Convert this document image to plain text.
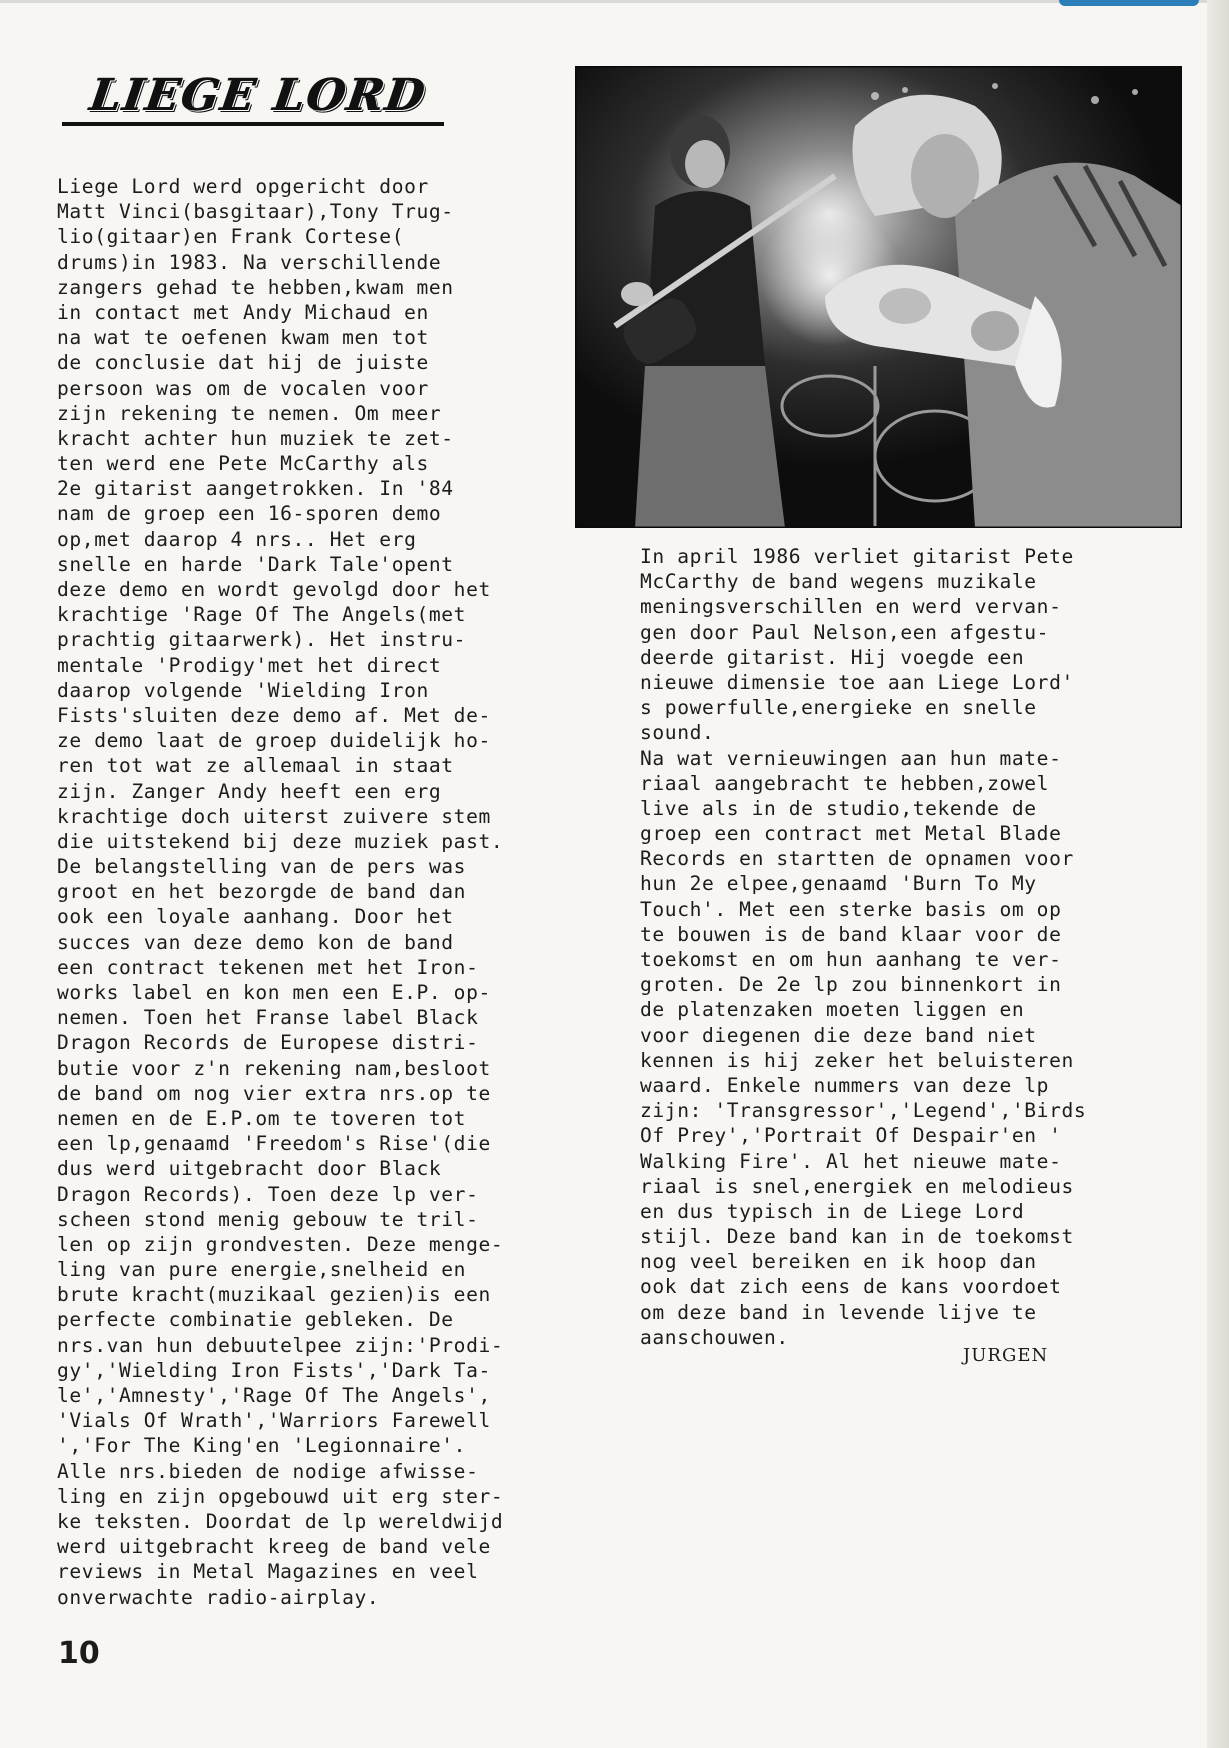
LIEGE LORD
Liege Lord werd opgericht door
Matt Vinci(basgitaar),Tony Trug-
lio(gitaar)en Frank Cortese(
drums)in 1983. Na verschillende
zangers gehad te hebben,kwam men
in contact met Andy Michaud en
na wat te oefenen kwam men tot
de conclusie dat hij de juiste
persoon was om de vocalen voor
zijn rekening te nemen. Om meer
kracht achter hun muziek te zet-
ten werd ene Pete McCarthy als
2e gitarist aangetrokken. In '84
nam de groep een 16-sporen demo
op,met daarop 4 nrs.. Het erg
snelle en harde 'Dark Tale'opent
deze demo en wordt gevolgd door het
krachtige 'Rage Of The Angels(met
prachtig gitaarwerk). Het instru-
mentale 'Prodigy'met het direct
daarop volgende 'Wielding Iron
Fists'sluiten deze demo af. Met de-
ze demo laat de groep duidelijk ho-
ren tot wat ze allemaal in staat
zijn. Zanger Andy heeft een erg
krachtige doch uiterst zuivere stem
die uitstekend bij deze muziek past.
De belangstelling van de pers was
groot en het bezorgde de band dan
ook een loyale aanhang. Door het
succes van deze demo kon de band
een contract tekenen met het Iron-
works label en kon men een E.P. op-
nemen. Toen het Franse label Black
Dragon Records de Europese distri-
butie voor z'n rekening nam,besloot
de band om nog vier extra nrs.op te
nemen en de E.P.om te toveren tot
een lp,genaamd 'Freedom's Rise'(die
dus werd uitgebracht door Black
Dragon Records). Toen deze lp ver-
scheen stond menig gebouw te tril-
len op zijn grondvesten. Deze menge-
ling van pure energie,snelheid en
brute kracht(muzikaal gezien)is een
perfecte combinatie gebleken. De
nrs.van hun debuutelpee zijn:'Prodi-
gy','Wielding Iron Fists','Dark Ta-
le','Amnesty','Rage Of The Angels',
'Vials Of Wrath','Warriors Farewell
','For The King'en 'Legionnaire'.
Alle nrs.bieden de nodige afwisse-
ling en zijn opgebouwd uit erg ster-
ke teksten. Doordat de lp wereldwijd
werd uitgebracht kreeg de band vele
reviews in Metal Magazines en veel
onverwachte radio-airplay.
In april 1986 verliet gitarist Pete
McCarthy de band wegens muzikale
meningsverschillen en werd vervan-
gen door Paul Nelson,een afgestu-
deerde gitarist. Hij voegde een
nieuwe dimensie toe aan Liege Lord'
s powerfulle,energieke en snelle
sound.
Na wat vernieuwingen aan hun mate-
riaal aangebracht te hebben,zowel
live als in de studio,tekende de
groep een contract met Metal Blade
Records en startten de opnamen voor
hun 2e elpee,genaamd 'Burn To My
Touch'. Met een sterke basis om op
te bouwen is de band klaar voor de
toekomst en om hun aanhang te ver-
groten. De 2e lp zou binnenkort in
de platenzaken moeten liggen en
voor diegenen die deze band niet
kennen is hij zeker het beluisteren
waard. Enkele nummers van deze lp
zijn: 'Transgressor','Legend','Birds
Of Prey','Portrait Of Despair'en '
Walking Fire'. Al het nieuwe mate-
riaal is snel,energiek en melodieus
en dus typisch in de Liege Lord
stijl. Deze band kan in de toekomst
nog veel bereiken en ik hoop dan
ook dat zich eens de kans voordoet
om deze band in levende lijve te
aanschouwen.

JURGEN

10
